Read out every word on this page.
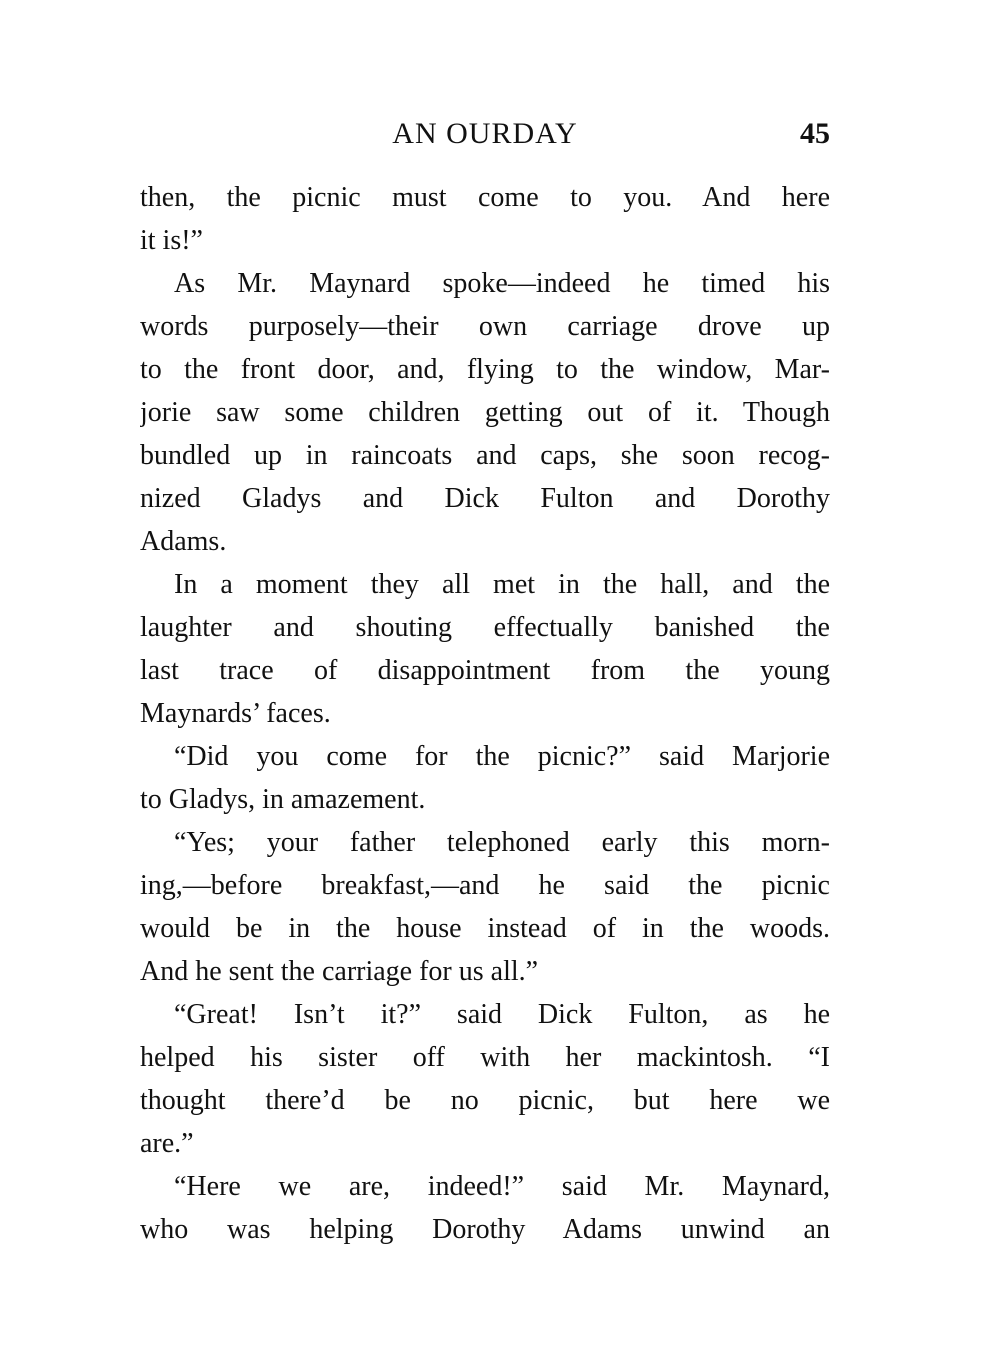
AN OURDAY	45
then, the picnic must come to you. And here
it is!”
As Mr. Maynard spoke—indeed he timed his
words purposely—their own carriage drove up
to the front door, and, flying to the window, Mar-
jorie saw some children getting out of it. Though
bundled up in raincoats and caps, she soon recog-
nized Gladys and Dick Fulton and Dorothy
Adams.
In a moment they all met in the hall, and the
laughter and shouting effectually banished the
last trace of disappointment from the young
Maynards’ faces.
“Did you come for the picnic?” said Marjorie
to Gladys, in amazement.
“Yes; your father telephoned early this morn-
ing,—before breakfast,—and he said the picnic
would be in the house instead of in the woods.
And he sent the carriage for us all.”
“Great! Isn’t it?” said Dick Fulton, as he
helped his sister off with her mackintosh. “I
thought there’d be no picnic, but here we
are.”
“Here we are, indeed!” said Mr. Maynard,
who was helping Dorothy Adams unwind an
